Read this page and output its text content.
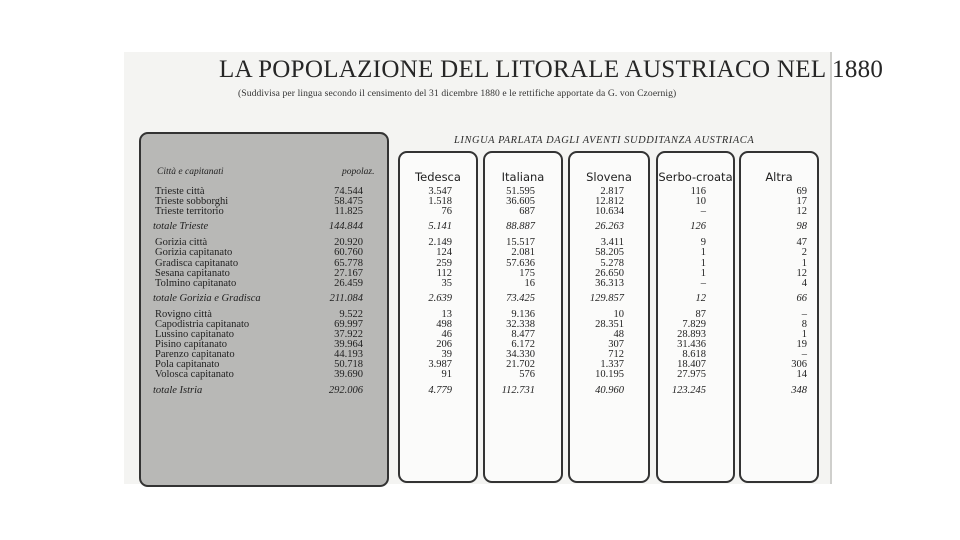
LA POPOLAZIONE DEL LITORALE AUSTRIACO NEL 1880
(Suddivisa per lingua secondo il censimento del 31 dicembre 1880 e le rettifiche apportate da G. von Czoernig)
LINGUA PARLATA DAGLI AVENTI SUDDITANZA AUSTRIACA
Tedesca	Italiana	Slovena	Serbo-croata	Altra
Città e capitanati	popolaz.
Trieste città	74.544	3.547	51.595	2.817	116	69
Trieste sobborghi	58.475	1.518	36.605	12.812	10	17
Trieste territorio	11.825	76	687	10.634	–	12
totale Trieste	144.844	5.141	88.887	26.263	126	98
Gorizia città	20.920	2.149	15.517	3.411	9	47
Gorizia capitanato	60.760	124	2.081	58.205	1	2
Gradisca capitanato	65.778	259	57.636	5.278	1	1
Sesana capitanato	27.167	112	175	26.650	1	12
Tolmino capitanato	26.459	35	16	36.313	–	4
totale Gorizia e Gradisca	211.084	2.639	73.425	129.857	12	66
Rovigno città	9.522	13	9.136	10	87	–
Capodistria capitanato	69.997	498	32.338	28.351	7.829	8
Lussino capitanato	37.922	46	8.477	48	28.893	1
Pisino capitanato	39.964	206	6.172	307	31.436	19
Parenzo capitanato	44.193	39	34.330	712	8.618	–
Pola capitanato	50.718	3.987	21.702	1.337	18.407	306
Volosca capitanato	39.690	91	576	10.195	27.975	14
totale Istria	292.006	4.779	112.731	40.960	123.245	348
